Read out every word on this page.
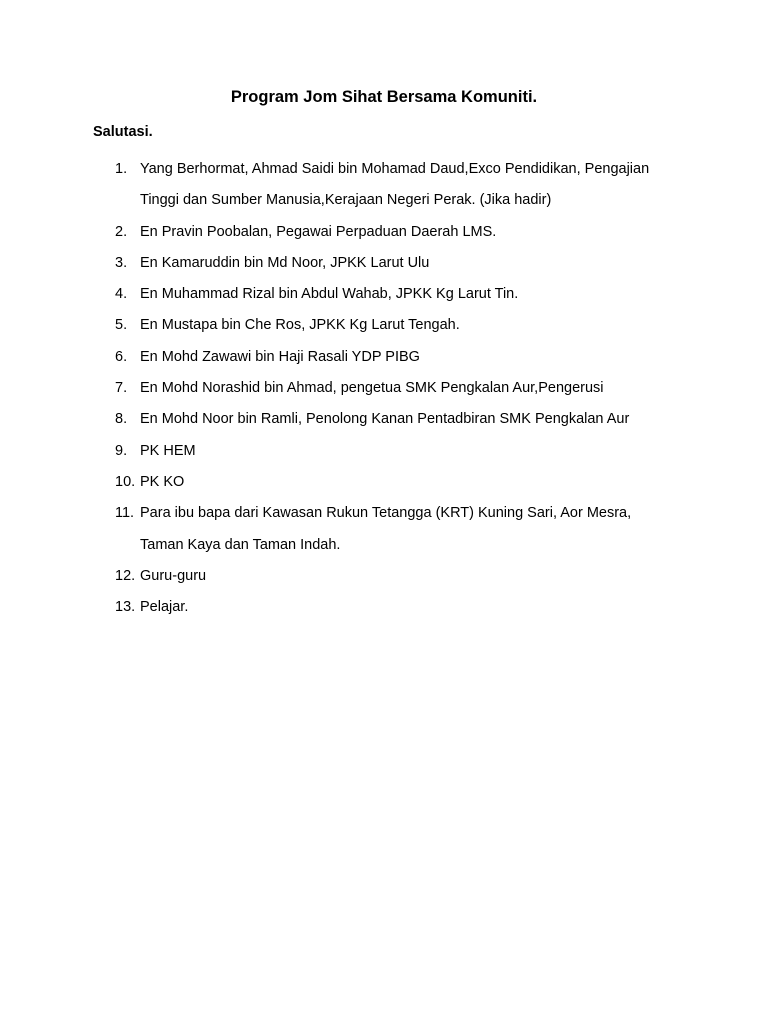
Program Jom Sihat Bersama Komuniti.
Salutasi.
1. Yang Berhormat, Ahmad Saidi bin Mohamad Daud,Exco Pendidikan, Pengajian Tinggi dan Sumber Manusia,Kerajaan Negeri Perak. (Jika hadir)
2. En Pravin Poobalan, Pegawai Perpaduan Daerah LMS.
3. En Kamaruddin bin Md Noor, JPKK Larut Ulu
4. En Muhammad Rizal bin Abdul Wahab, JPKK Kg Larut Tin.
5. En Mustapa bin Che Ros, JPKK Kg Larut Tengah.
6. En Mohd Zawawi bin Haji Rasali YDP PIBG
7. En Mohd Norashid bin Ahmad, pengetua SMK Pengkalan Aur,Pengerusi
8. En Mohd Noor bin Ramli, Penolong Kanan Pentadbiran SMK Pengkalan Aur
9. PK HEM
10. PK KO
11. Para ibu bapa dari Kawasan Rukun Tetangga (KRT) Kuning Sari, Aor Mesra, Taman Kaya dan Taman Indah.
12. Guru-guru
13. Pelajar.
